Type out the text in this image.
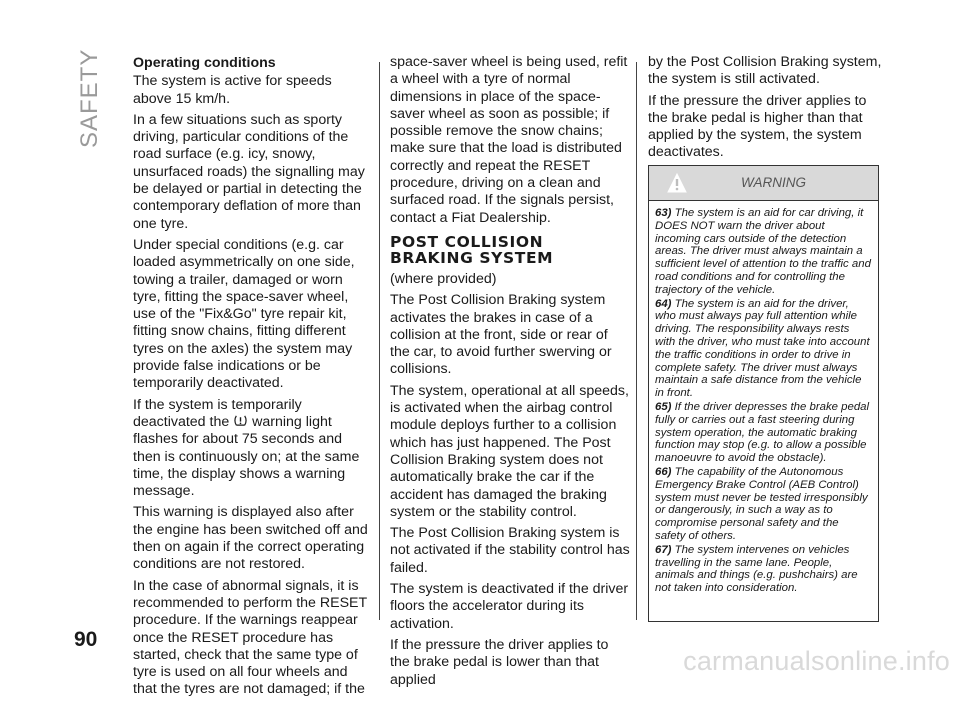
SAFETY
90
Operating conditions

The system is active for speeds above 15 km/h.

In a few situations such as sporty driving, particular conditions of the road surface (e.g. icy, snowy, unsurfaced roads) the signalling may be delayed or partial in detecting the contemporary deflation of more than one tyre.

Under special conditions (e.g. car loaded asymmetrically on one side, towing a trailer, damaged or worn tyre, fitting the space-saver wheel, use of the "Fix&Go" tyre repair kit, fitting snow chains, fitting different tyres on the axles) the system may provide false indications or be temporarily deactivated.

If the system is temporarily deactivated the warning light flashes for about 75 seconds and then is continuously on; at the same time, the display shows a warning message.

This warning is displayed also after the engine has been switched off and then on again if the correct operating conditions are not restored.

In the case of abnormal signals, it is recommended to perform the RESET procedure. If the warnings reappear once the RESET procedure has started, check that the same type of tyre is used on all four wheels and that the tyres are not damaged; if the

space-saver wheel is being used, refit a wheel with a tyre of normal dimensions in place of the space-saver wheel as soon as possible; if possible remove the snow chains; make sure that the load is distributed correctly and repeat the RESET procedure, driving on a clean and surfaced road. If the signals persist, contact a Fiat Dealership.

POST COLLISION
BRAKING SYSTEM

(where provided)

The Post Collision Braking system activates the brakes in case of a collision at the front, side or rear of the car, to avoid further swerving or collisions.

The system, operational at all speeds, is activated when the airbag control module deploys further to a collision which has just happened. The Post Collision Braking system does not automatically brake the car if the accident has damaged the braking system or the stability control.

The Post Collision Braking system is not activated if the stability control has failed.

The system is deactivated if the driver floors the accelerator during its activation.

If the pressure the driver applies to the brake pedal is lower than that applied

by the Post Collision Braking system, the system is still activated.

If the pressure the driver applies to the brake pedal is higher than that applied by the system, the system deactivates.

WARNING

63) The system is an aid for car driving, it DOES NOT warn the driver about incoming cars outside of the detection areas. The driver must always maintain a sufficient level of attention to the traffic and road conditions and for controlling the trajectory of the vehicle.

64) The system is an aid for the driver, who must always pay full attention while driving. The responsibility always rests with the driver, who must take into account the traffic conditions in order to drive in complete safety. The driver must always maintain a safe distance from the vehicle in front.

65) If the driver depresses the brake pedal fully or carries out a fast steering during system operation, the automatic braking function may stop (e.g. to allow a possible manoeuvre to avoid the obstacle).

66) The capability of the Autonomous Emergency Brake Control (AEB Control) system must never be tested irresponsibly or dangerously, in such a way as to compromise personal safety and the safety of others.

67) The system intervenes on vehicles travelling in the same lane. People, animals and things (e.g. pushchairs) are not taken into consideration.

carmanualsonline.info
